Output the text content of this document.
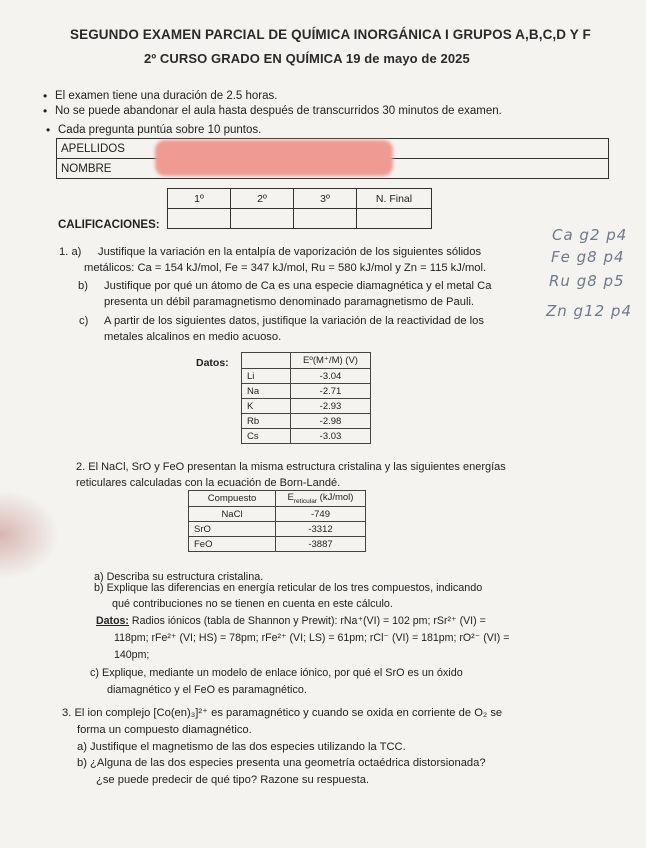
SEGUNDO EXAMEN PARCIAL DE QUÍMICA INORGÁNICA I GRUPOS A,B,C,D Y F
2º CURSO GRADO EN QUÍMICA 19 de mayo de 2025
• El examen tiene una duración de 2.5 horas.
• No se puede abandonar el aula hasta después de transcurridos 30 minutos de examen.
• Cada pregunta puntúa sobre 10 puntos.
APELLIDOS
NOMBRE
CALIFICACIONES:
1º	2º	3º	N. Final

1. a) Justifique la variación en la entalpía de vaporización de los siguientes sólidos
metálicos: Ca = 154 kJ/mol, Fe = 347 kJ/mol, Ru = 580 kJ/mol y Zn = 115 kJ/mol.
b) Justifique por qué un átomo de Ca es una especie diamagnética y el metal Ca
presenta un débil paramagnetismo denominado paramagnetismo de Pauli.
c) A partir de los siguientes datos, justifique la variación de la reactividad de los
metales alcalinos en medio acuoso.
Datos:
		Eº(M⁺/M) (V)
Li	-3.04
Na	-2.71
K	-2.93
Rb	-2.98
Cs	-3.03
Ca g2 p4
Fe g8 p4
Ru g8 p5
Zn g12 p4
2. El NaCl, SrO y FeO presentan la misma estructura cristalina y las siguientes energías
reticulares calculadas con la ecuación de Born-Landé.
Compuesto	$E_{reticular}$ (kJ/mol)
NaCl	-749
SrO	-3312
FeO	-3887
a) Describa su estructura cristalina.
b) Explique las diferencias en energía reticular de los tres compuestos, indicando
qué contribuciones no se tienen en cuenta en este cálculo.
Datos: Radios iónicos (tabla de Shannon y Prewit): rNa⁺(VI) = 102 pm; rSr²⁺ (VI) =
118pm; rFe²⁺ (VI; HS) = 78pm; rFe²⁺ (VI; LS) = 61pm; rCl⁻ (VI) = 181pm; rO²⁻ (VI) =
140pm;
c) Explique, mediante un modelo de enlace iónico, por qué el SrO es un óxido
diamagnético y el FeO es paramagnético.
3. El ion complejo [Co(en)₃]²⁺ es paramagnético y cuando se oxida en corriente de O₂ se
forma un compuesto diamagnético.
a) Justifique el magnetismo de las dos especies utilizando la TCC.
b) ¿Alguna de las dos especies presenta una geometría octaédrica distorsionada?
¿se puede predecir de qué tipo? Razone su respuesta.
